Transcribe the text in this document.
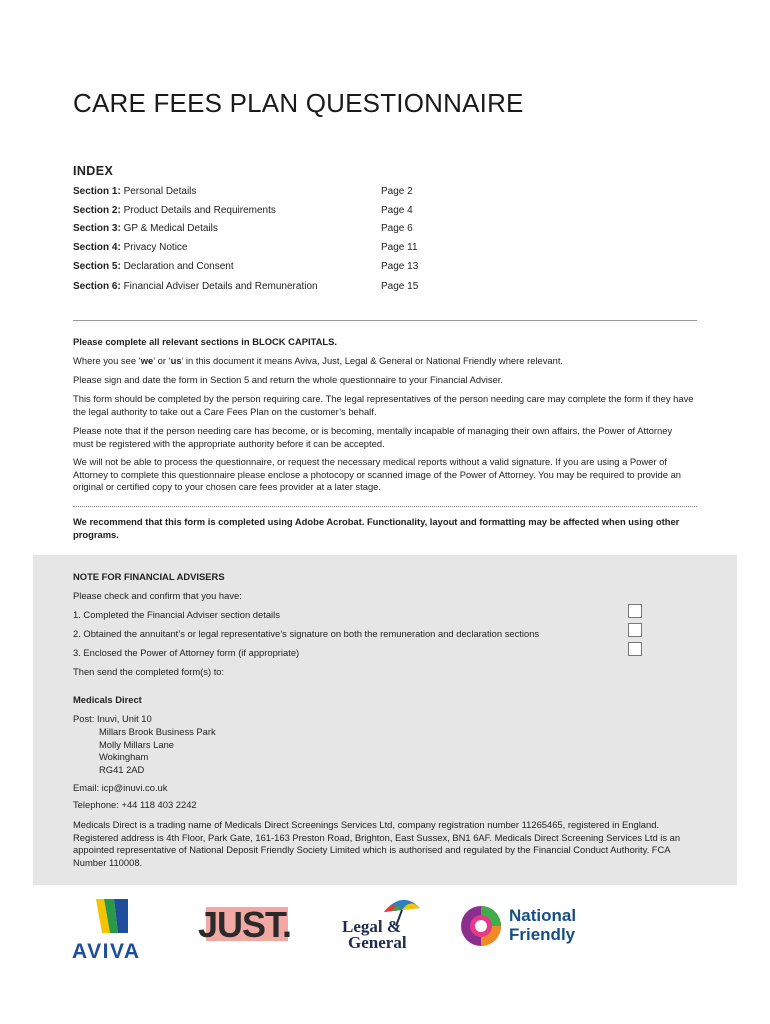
CARE FEES PLAN QUESTIONNAIRE
INDEX
Section 1: Personal Details	Page 2
Section 2: Product Details and Requirements	Page 4
Section 3: GP & Medical Details	Page 6
Section 4: Privacy Notice	Page 11
Section 5: Declaration and Consent	Page 13
Section 6: Financial Adviser Details and Remuneration	Page 15
Please complete all relevant sections in BLOCK CAPITALS.
Where you see ‘we’ or ‘us’ in this document it means Aviva, Just, Legal & General or National Friendly where relevant.
Please sign and date the form in Section 5 and return the whole questionnaire to your Financial Adviser.
This form should be completed by the person requiring care. The legal representatives of the person needing care may complete the form if they have the legal authority to take out a Care Fees Plan on the customer’s behalf.
Please note that if the person needing care has become, or is becoming, mentally incapable of managing their own affairs, the Power of Attorney must be registered with the appropriate authority before it can be accepted.
We will not be able to process the questionnaire, or request the necessary medical reports without a valid signature. If you are using a Power of Attorney to complete this questionnaire please enclose a photocopy or scanned image of the Power of Attorney. You may be required to provide an original or certified copy to your chosen care fees provider at a later stage.
We recommend that this form is completed using Adobe Acrobat. Functionality, layout and formatting may be affected when using other programs.
NOTE FOR FINANCIAL ADVISERS
Please check and confirm that you have:
1. Completed the Financial Adviser section details
2. Obtained the annuitant’s or legal representative’s signature on both the remuneration and declaration sections
3. Enclosed the Power of Attorney form (if appropriate)
Then send the completed form(s) to:
Medicals Direct
Post: Inuvi, Unit 10
Millars Brook Business Park
Molly Millars Lane
Wokingham
RG41 2AD
Email: icp@inuvi.co.uk
Telephone: +44 118 403 2242
Medicals Direct is a trading name of Medicals Direct Screenings Services Ltd, company registration number 11265465, registered in England. Registered address is 4th Floor, Park Gate, 161-163 Preston Road, Brighton, East Sussex, BN1 6AF. Medicals Direct Screening Services Ltd is an appointed representative of National Deposit Friendly Society Limited which is authorised and regulated by the Financial Conduct Authority. FCA Number 110008.
AVIVA
JUST.	Legal &
General
National
Friendly
